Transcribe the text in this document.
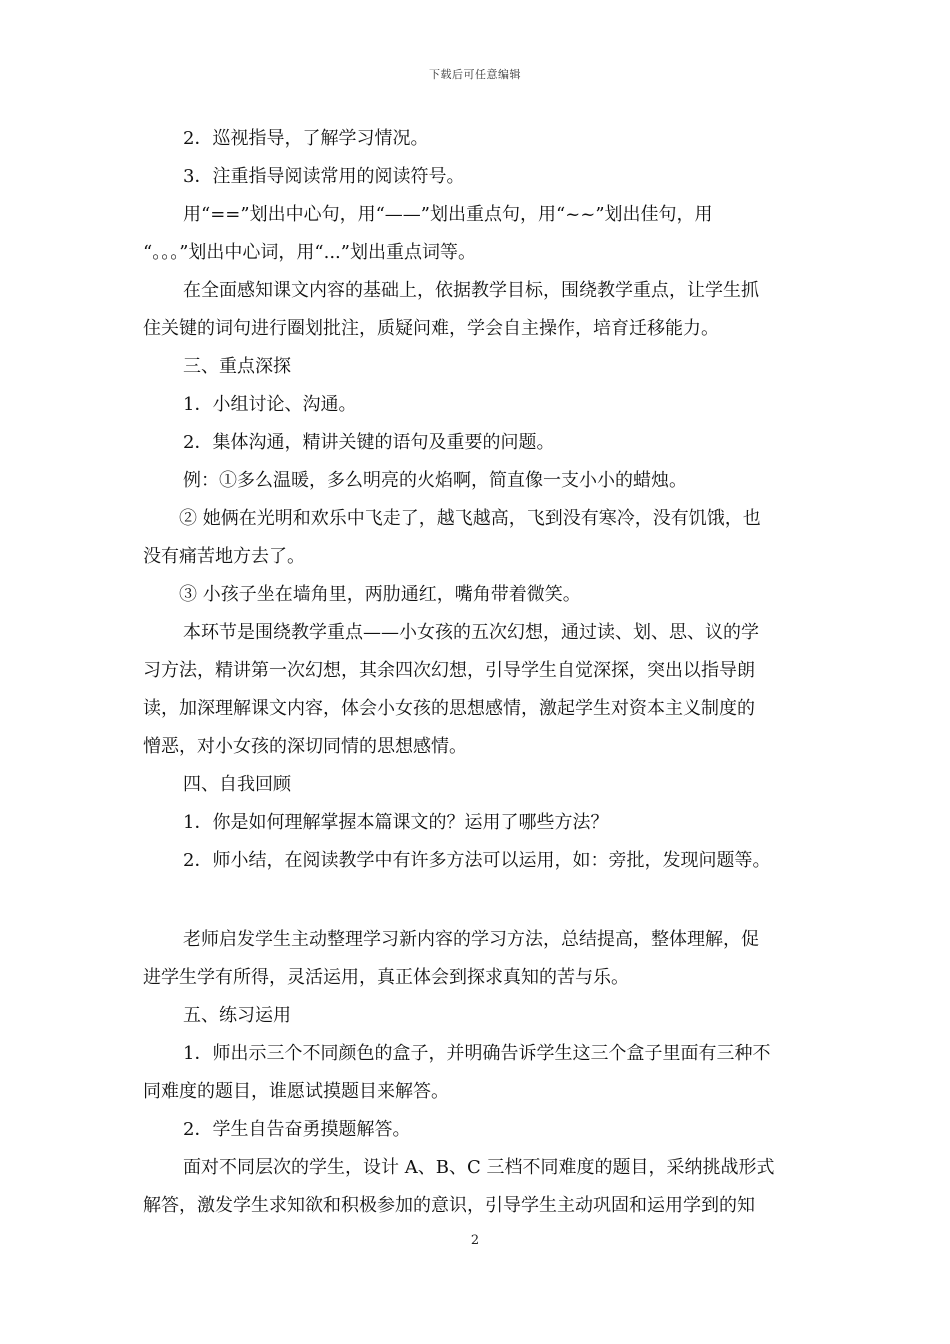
下载后可任意编辑
2．巡视指导，了解学习情况。
3．注重指导阅读常用的阅读符号。
用“==”划出中心句，用“——”划出重点句，用“~~”划出佳句，用
“。。。”划出中心词，用“...”划出重点词等。
在全面感知课文内容的基础上，依据教学目标，围绕教学重点，让学生抓
住关键的词句进行圈划批注，质疑问难，学会自主操作，培育迁移能力。
三、重点深探
1．小组讨论、沟通。
2．集体沟通，精讲关键的语句及重要的问题。
例：①多么温暖，多么明亮的火焰啊，简直像一支小小的蜡烛。
② 她俩在光明和欢乐中飞走了，越飞越高，飞到没有寒冷，没有饥饿，也
没有痛苦地方去了。
③ 小孩子坐在墙角里，两肋通红，嘴角带着微笑。
本环节是围绕教学重点——小女孩的五次幻想，通过读、划、思、议的学
习方法，精讲第一次幻想，其余四次幻想，引导学生自觉深探，突出以指导朗
读，加深理解课文内容，体会小女孩的思想感情，激起学生对资本主义制度的
憎恶，对小女孩的深切同情的思想感情。
四、自我回顾
1．你是如何理解掌握本篇课文的？运用了哪些方法？
2．师小结，在阅读教学中有许多方法可以运用，如：旁批，发现问题等。
老师启发学生主动整理学习新内容的学习方法，总结提高，整体理解，促
进学生学有所得，灵活运用，真正体会到探求真知的苦与乐。
五、练习运用
1．师出示三个不同颜色的盒子，并明确告诉学生这三个盒子里面有三种不
同难度的题目，谁愿试摸题目来解答。
2．学生自告奋勇摸题解答。
面对不同层次的学生，设计 A、B、C 三档不同难度的题目，采纳挑战形式
解答，激发学生求知欲和积极参加的意识，引导学生主动巩固和运用学到的知
2
